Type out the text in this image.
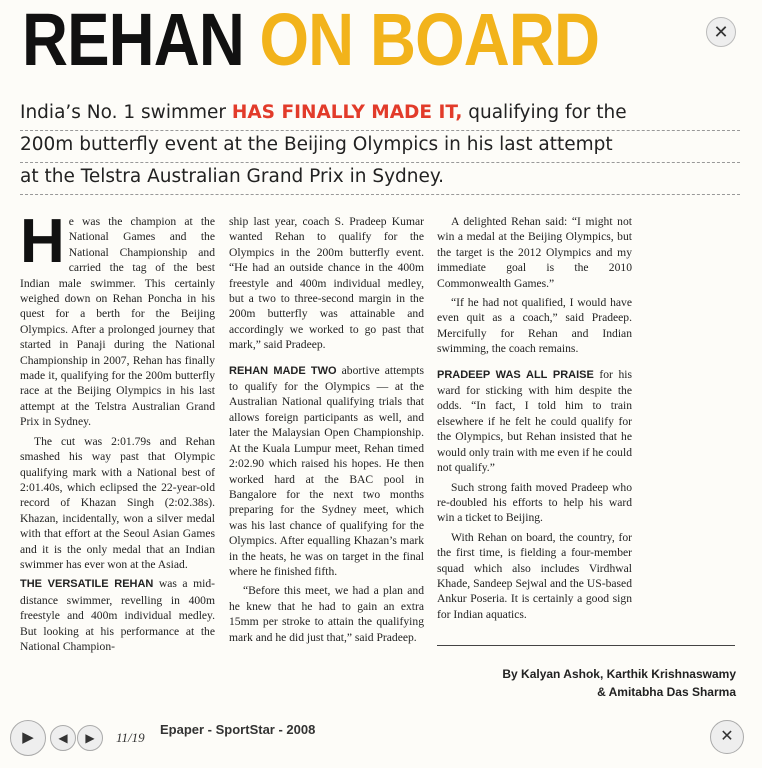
REHAN ON BOARD	✕
India’s No. 1 swimmer HAS FINALLY MADE IT, qualifying for the
200m butterfly event at the Beijing Olympics in his last attempt
at the Telstra Australian Grand Prix in Sydney.

He was the champion at the National Games and the National Championship and carried the tag of the best Indian male swimmer. This certainly weighed down on Rehan Poncha in his quest for a berth for the Beijing Olympics. After a prolonged journey that started in Panaji during the National Championship in 2007, Rehan has finally made it, qualifying for the 200m butterfly race at the Beijing Olympics in his last attempt at the Telstra Australian Grand Prix in Sydney.

The cut was 2:01.79s and Rehan smashed his way past that Olympic qualifying mark with a National best of 2:01.40s, which eclipsed the 22-year-old record of Khazan Singh (2:02.38s). Khazan, incidentally, won a silver medal with that effort at the Seoul Asian Games and it is the only medal that an Indian swimmer has ever won at the Asiad.

THE VERSATILE REHAN was a mid-distance swimmer, revelling in 400m freestyle and 400m individual medley. But looking at his performance at the National Champion-

ship last year, coach S. Pradeep Kumar wanted Rehan to qualify for the Olympics in the 200m butterfly event. “He had an outside chance in the 400m freestyle and 400m individual medley, but a two to three-second margin in the 200m butterfly was attainable and accordingly we worked to go past that mark,” said Pradeep.

REHAN MADE TWO abortive attempts to qualify for the Olympics — at the Australian National qualifying trials that allows foreign participants as well, and later the Malaysian Open Championship. At the Kuala Lumpur meet, Rehan timed 2:02.90 which raised his hopes. He then worked hard at the BAC pool in Bangalore for the next two months preparing for the Sydney meet, which was his last chance of qualifying for the Olympics. After equalling Khazan’s mark in the heats, he was on target in the final where he finished fifth.

“Before this meet, we had a plan and he knew that he had to gain an extra 15mm per stroke to attain the qualifying mark and he did just that,” said Pradeep.

A delighted Rehan said: “I might not win a medal at the Beijing Olympics, but the target is the 2012 Olympics and my immediate goal is the 2010 Commonwealth Games.”

“If he had not qualified, I would have even quit as a coach,” said Pradeep. Mercifully for Rehan and Indian swimming, the coach remains.

PRADEEP WAS ALL PRAISE for his ward for sticking with him despite the odds. “In fact, I told him to train elsewhere if he felt he could qualify for the Olympics, but Rehan insisted that he would only train with me even if he could not qualify.”

Such strong faith moved Pradeep who re-doubled his efforts to help his ward win a ticket to Beijing.

With Rehan on board, the country, for the first time, is fielding a four-member squad which also includes Virdhwal Khade, Sandeep Sejwal and the US-based Ankur Poseria. It is certainly a good sign for Indian aquatics.

By Kalyan Ashok, Karthik Krishnaswamy
& Amitabha Das Sharma
▶	◀	▶	11/19
Epaper - SportStar - 2008	✕
